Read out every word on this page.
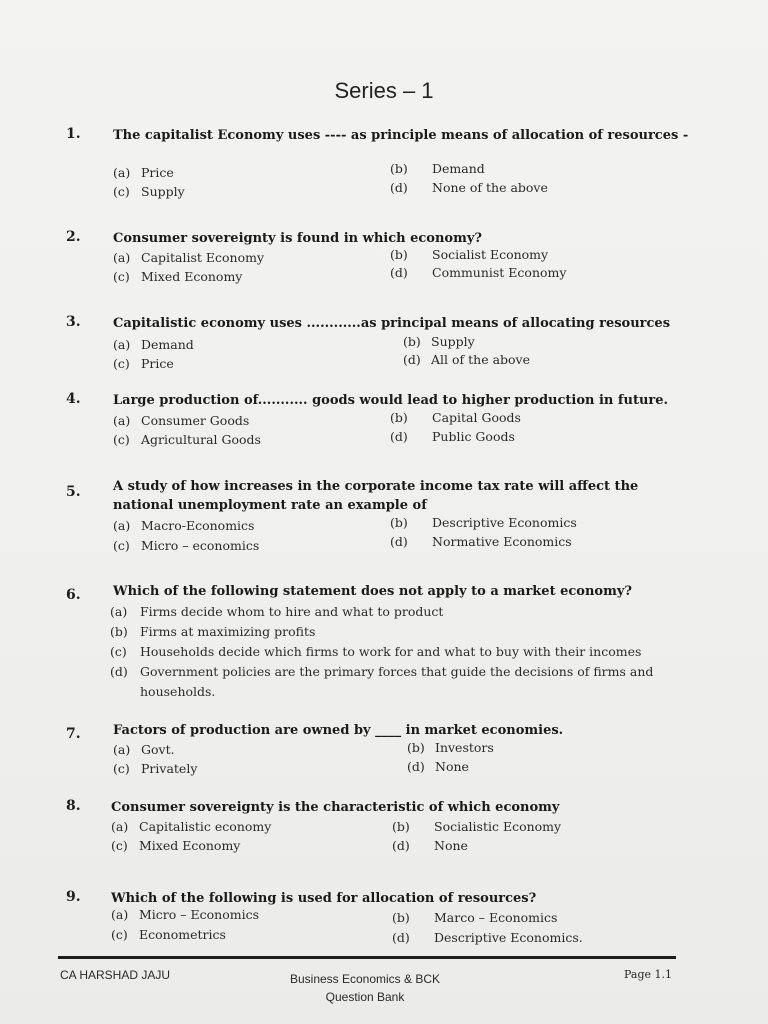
Series – 1
1. The capitalist Economy uses ---- as principle means of allocation of resources -
(a) Price	(b) Demand
(c) Supply	(d) None of the above
2. Consumer sovereignty is found in which economy?
(a) Capitalist Economy	(b) Socialist Economy
(c) Mixed Economy	(d) Communist Economy
3. Capitalistic economy uses ............as principal means of allocating resources
(a) Demand	(b) Supply
(c) Price	(d) All of the above
4. Large production of........... goods would lead to higher production in future.
(a) Consumer Goods	(b) Capital Goods
(c) Agricultural Goods	(d) Public Goods
5. A study of how increases in the corporate income tax rate will affect the national unemployment rate an example of
(a) Macro-Economics	(b) Descriptive Economics
(c) Micro – economics	(d) Normative Economics
6. Which of the following statement does not apply to a market economy?
(a)	Firms decide whom to hire and what to product
(b) Firms at maximizing profits
(c)	Households decide which firms to work for and what to buy with their incomes
(d) Government policies are the primary forces that guide the decisions of firms and households.
7. Factors of production are owned by ____ in market economies.
(a) Govt.	(b) Investors
(c) Privately	(d) None
8. Consumer sovereignty is the characteristic of which economy
(a) Capitalistic economy	(b) Socialistic Economy
(c) Mixed Economy	(d) None
9. Which of the following is used for allocation of resources?
(a) Micro – Economics	(b) Marco – Economics
(c) Econometrics	(d) Descriptive Economics.
CA HARSHAD JAJU	Business Economics & BCK
Question Bank
Page 1.1
